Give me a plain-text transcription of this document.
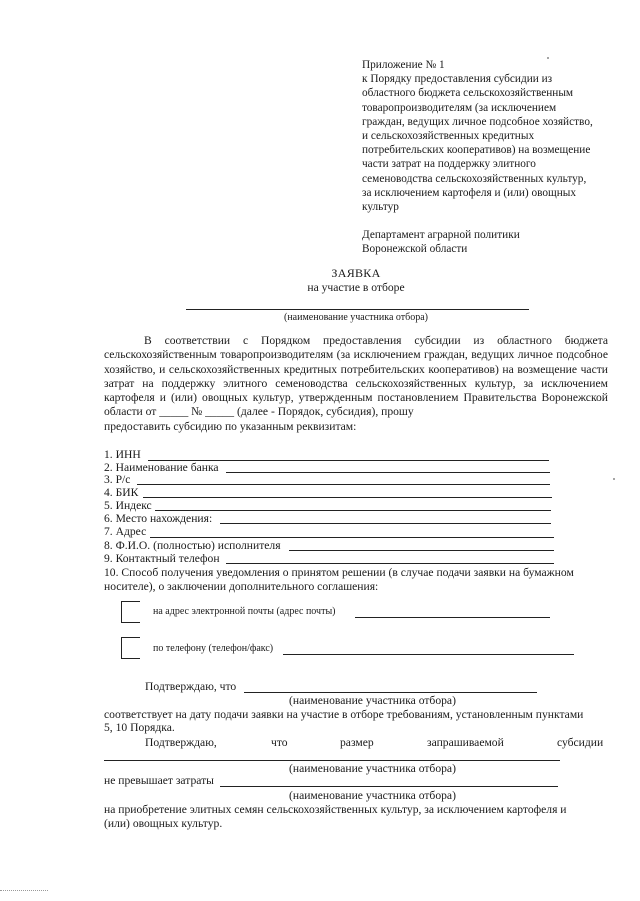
Приложение № 1
к Порядку предоставления субсидии из
областного бюджета сельскохозяйственным
товаропроизводителям (за исключением
граждан, ведущих личное подсобное хозяйство,
и сельскохозяйственных кредитных
потребительских кооперативов) на возмещение
части затрат на поддержку элитного
семеноводства сельскохозяйственных культур,
за исключением картофеля и (или) овощных
культур
Департамент аграрной политики
Воронежской области
ЗАЯВКА
на участие в отборе
(наименование участника отбора)

В соответствии с Порядком предоставления субсидии из областного бюджета сельскохозяйственным товаропроизводителям (за исключением граждан, ведущих личное подсобное хозяйство, и сельскохозяйственных кредитных потребительских кооперативов) на возмещение части затрат на поддержку элитного семеноводства сельскохозяйственных культур, за исключением картофеля и (или) овощных культур, утвержденным постановлением Правительства Воронежской области от _____ № _____ (далее - Порядок, субсидия), прошу

предоставить субсидию по указанным реквизитам:

1. ИНН
2. Наименование банка
3. Р/с
4. БИК
5. Индекс
6. Место нахождения:
7. Адрес
8. Ф.И.О. (полностью) исполнителя
9. Контактный телефон
10. Способ получения уведомления о принятом решении (в случае подачи заявки на бумажном
носителе), о заключении дополнительного соглашения:
на адрес электронной почты (адрес почты)
по телефону (телефон/факс)
Подтверждаю, что
(наименование участника отбора)
соответствует на дату подачи заявки на участие в отборе требованиям, установленным пунктами
5, 10 Порядка.
Подтверждаю,	что	размер	запрашиваемой	субсидии
(наименование участника отбора)
не превышает затраты
(наименование участника отбора)
на приобретение элитных семян сельскохозяйственных культур, за исключением картофеля и
(или) овощных культур.
